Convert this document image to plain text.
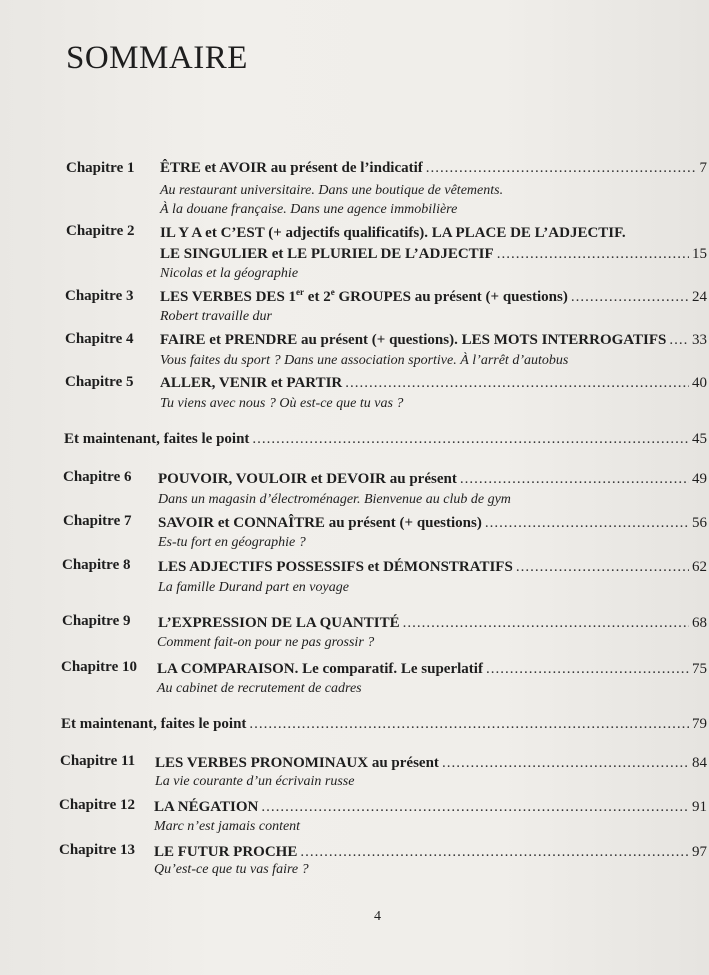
SOMMAIRE
Chapitre 1 ÊTRE et AVOIR au présent de l’indicatif .....	7
Au restaurant universitaire. Dans une boutique de vêtements.
À la douane française. Dans une agence immobilière
Chapitre 2 IL Y A et C’EST (+ adjectifs qualificatifs). LA PLACE DE L’ADJECTIF.
LE SINGULIER et LE PLURIEL DE L’ADJECTIF .....	15
Nicolas et la géographie
Chapitre 3 LES VERBES DES 1er et 2e GROUPES au présent (+ questions) .....	24
Robert travaille dur
Chapitre 4 FAIRE et PRENDRE au présent (+ questions). LES MOTS INTERROGATIFS ..... 33
Vous faites du sport ? Dans une association sportive. À l’arrêt d’autobus
Chapitre 5 ALLER, VENIR et PARTIR .....	40
Tu viens avec nous ? Où est-ce que tu vas ?
Et maintenant, faites le point .....	45
Chapitre 6 POUVOIR, VOULOIR et DEVOIR au présent .....	49
Dans un magasin d’électroménager. Bienvenue au club de gym
Chapitre 7 SAVOIR et CONNAÎTRE au présent (+ questions) .....	56
Es-tu fort en géographie ?
Chapitre 8 LES ADJECTIFS POSSESSIFS et DÉMONSTRATIFS .....	62
La famille Durand part en voyage
Chapitre 9 L’EXPRESSION DE LA QUANTITÉ .....	68
Comment fait-on pour ne pas grossir ?
Chapitre 10 LA COMPARAISON. Le comparatif. Le superlatif .....	75
Au cabinet de recrutement de cadres
Et maintenant, faites le point .....	79
Chapitre 11 LES VERBES PRONOMINAUX au présent .....	84
La vie courante d’un écrivain russe
Chapitre 12 LA NÉGATION .....	91
Marc n’est jamais content
Chapitre 13 LE FUTUR PROCHE .....	97
Qu’est-ce que tu vas faire ?
4
